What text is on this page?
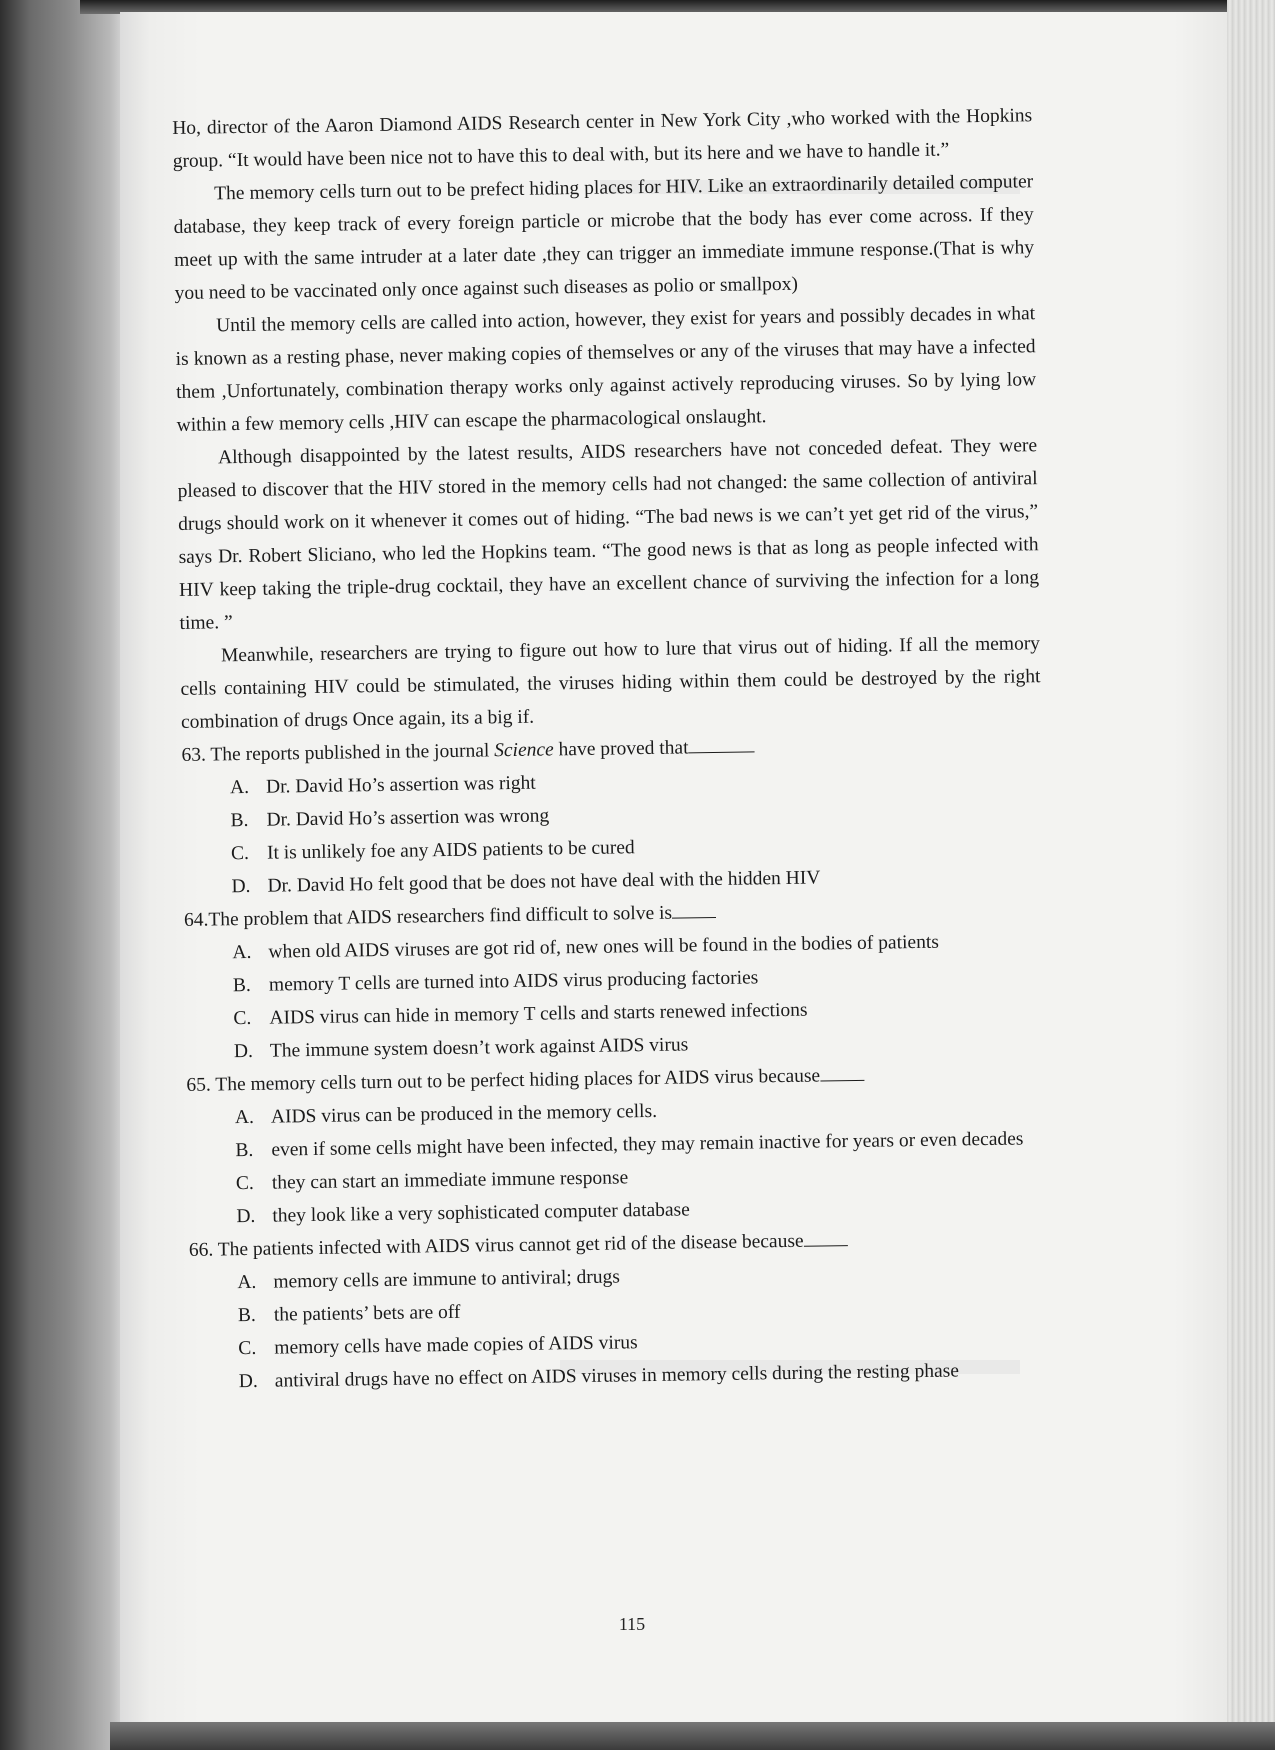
Ho, director of the Aaron Diamond AIDS Research center in New York City ,who worked with the Hopkins group. “It would have been nice not to have this to deal with, but its here and we have to handle it.”

The memory cells turn out to be prefect hiding places for HIV. Like an extraordinarily detailed computer database, they keep track of every foreign particle or microbe that the body has ever come across. If they meet up with the same intruder at a later date ,they can trigger an immediate immune response.(That is why you need to be vaccinated only once against such diseases as polio or smallpox)

Until the memory cells are called into action, however, they exist for years and possibly decades in what is known as a resting phase, never making copies of themselves or any of the viruses that may have a infected them ,Unfortunately, combination therapy works only against actively reproducing viruses. So by lying low within a few memory cells ,HIV can escape the pharmacological onslaught.

Although disappointed by the latest results, AIDS researchers have not conceded defeat. They were pleased to discover that the HIV stored in the memory cells had not changed: the same collection of antiviral drugs should work on it whenever it comes out of hiding. “The bad news is we can’t yet get rid of the virus,” says Dr. Robert Sliciano, who led the Hopkins team. “The good news is that as long as people infected with HIV keep taking the triple-drug cocktail, they have an excellent chance of surviving the infection for a long time. ”

Meanwhile, researchers are trying to figure out how to lure that virus out of hiding. If all the memory cells containing HIV could be stimulated, the viruses hiding within them could be destroyed by the right combination of drugs Once again, its a big if.

63. The reports published in the journal Science have proved that

A. Dr. David Ho’s assertion was right
B. Dr. David Ho’s assertion was wrong
C. It is unlikely foe any AIDS patients to be cured
D. Dr. David Ho felt good that be does not have deal with the hidden HIV

64.The problem that AIDS researchers find difficult to solve is

A. when old AIDS viruses are got rid of, new ones will be found in the bodies of patients
B. memory T cells are turned into AIDS virus producing factories
C. AIDS virus can hide in memory T cells and starts renewed infections
D. The immune system doesn’t work against AIDS virus

65. The memory cells turn out to be perfect hiding places for AIDS virus because

A. AIDS virus can be produced in the memory cells.
B. even if some cells might have been infected, they may remain inactive for years or even decades
C. they can start an immediate immune response
D. they look like a very sophisticated computer database

66. The patients infected with AIDS virus cannot get rid of the disease because

A. memory cells are immune to antiviral; drugs
B. the patients’ bets are off
C. memory cells have made copies of AIDS virus
D. antiviral drugs have no effect on AIDS viruses in memory cells during the resting phase
115
